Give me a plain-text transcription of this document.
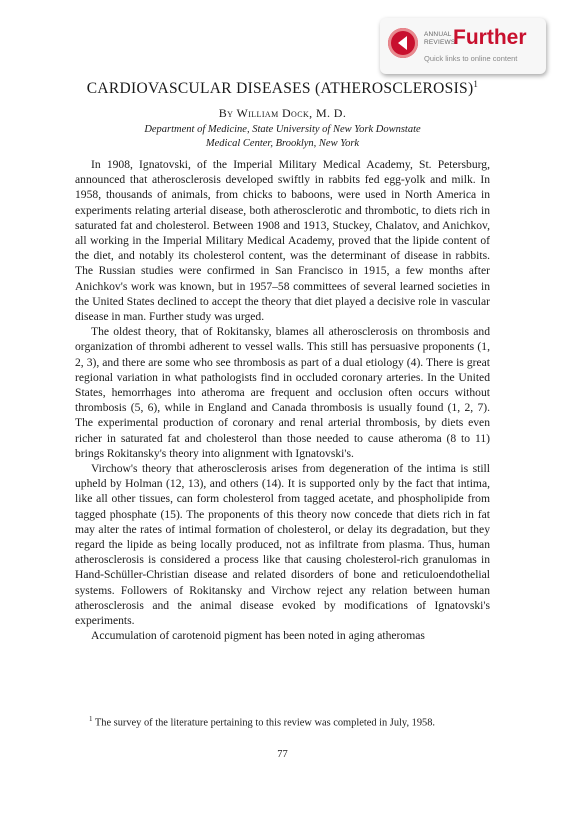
ANNUAL REVIEWS
Further
Quick links to online content
CARDIOVASCULAR DISEASES (ATHEROSCLEROSIS)$^1$
By William Dock, M. D.
Department of Medicine, State University of New York Downstate
Medical Center, Brooklyn, New York

In 1908, Ignatovski, of the Imperial Military Medical Academy, St. Petersburg, announced that atherosclerosis developed swiftly in rabbits fed egg-yolk and milk. In 1958, thousands of animals, from chicks to baboons, were used in North America in experiments relating arterial disease, both atherosclerotic and thrombotic, to diets rich in saturated fat and cholesterol. Between 1908 and 1913, Stuckey, Chalatov, and Anichkov, all working in the Imperial Military Medical Academy, proved that the lipide content of the diet, and notably its cholesterol content, was the determinant of disease in rabbits. The Russian studies were confirmed in San Francisco in 1915, a few months after Anichkov's work was known, but in 1957–58 committees of several learned societies in the United States declined to accept the theory that diet played a decisive role in vascular disease in man. Further study was urged.

The oldest theory, that of Rokitansky, blames all atherosclerosis on thrombosis and organization of thrombi adherent to vessel walls. This still has persuasive proponents (1, 2, 3), and there are some who see thrombosis as part of a dual etiology (4). There is great regional variation in what pathologists find in occluded coronary arteries. In the United States, hemorrhages into atheroma are frequent and occlusion often occurs without thrombosis (5, 6), while in England and Canada thrombosis is usually found (1, 2, 7). The experimental production of coronary and renal arterial thrombosis, by diets even richer in saturated fat and cholesterol than those needed to cause atheroma (8 to 11) brings Rokitansky's theory into alignment with Ignatovski's.

Virchow's theory that atherosclerosis arises from degeneration of the intima is still upheld by Holman (12, 13), and others (14). It is supported only by the fact that intima, like all other tissues, can form cholesterol from tagged acetate, and phospholipide from tagged phosphate (15). The proponents of this theory now concede that diets rich in fat may alter the rates of intimal formation of cholesterol, or delay its degradation, but they regard the lipide as being locally produced, not as infiltrate from plasma. Thus, human atherosclerosis is considered a process like that causing cholesterol-rich granulomas in Hand-Schüller-Christian disease and related disorders of bone and reticuloendothelial systems. Followers of Rokitansky and Virchow reject any relation between human atherosclerosis and the animal disease evoked by modifications of Ignatovski's experiments.

Accumulation of carotenoid pigment has been noted in aging atheromas

$^1$ The survey of the literature pertaining to this review was completed in July, 1958.
77
